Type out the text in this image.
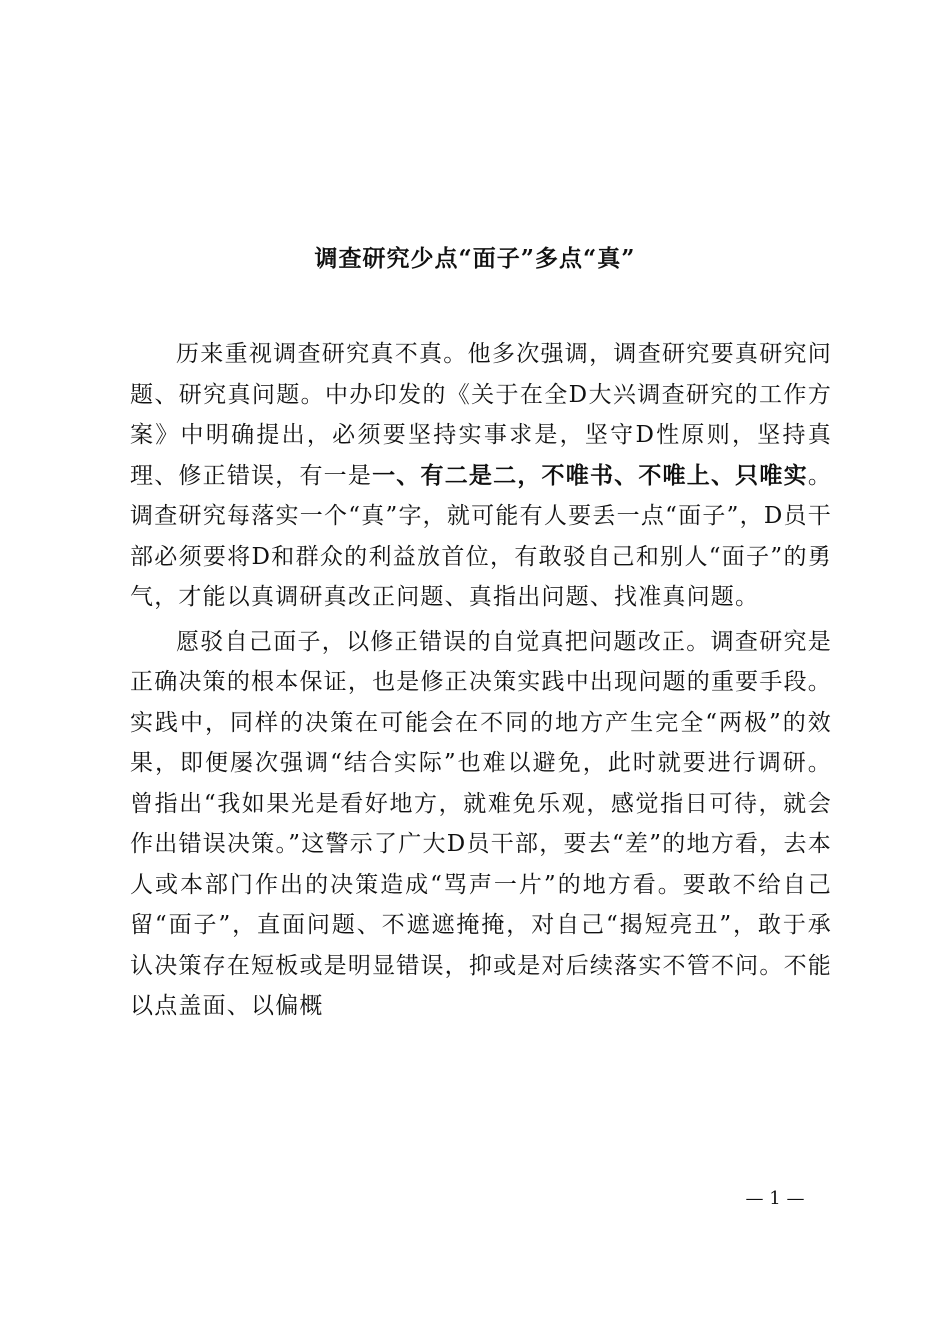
调查研究少点“面子”多点“真”

历来重视调查研究真不真。他多次强调，调查研究要真研究问题、研究真问题。中办印发的《关于在全D大兴调查研究的工作方案》中明确提出，必须要坚持实事求是，坚守D性原则，坚持真理、修正错误，有一是一、有二是二，不唯书、不唯上、只唯实。调查研究每落实一个“真”字，就可能有人要丢一点“面子”，D员干部必须要将D和群众的利益放首位，有敢驳自己和别人“面子”的勇气，才能以真调研真改正问题、真指出问题、找准真问题。

愿驳自己面子，以修正错误的自觉真把问题改正。调查研究是正确决策的根本保证，也是修正决策实践中出现问题的重要手段。实践中，同样的决策在可能会在不同的地方产生完全“两极”的效果，即便屡次强调“结合实际”也难以避免，此时就要进行调研。曾指出“我如果光是看好地方，就难免乐观，感觉指日可待，就会作出错误决策。”这警示了广大D员干部，要去“差”的地方看，去本人或本部门作出的决策造成“骂声一片”的地方看。要敢不给自己留“面子”，直面问题、不遮遮掩掩，对自己“揭短亮丑”，敢于承认决策存在短板或是明显错误，抑或是对后续落实不管不问。不能以点盖面、以偏概

— 1 —
